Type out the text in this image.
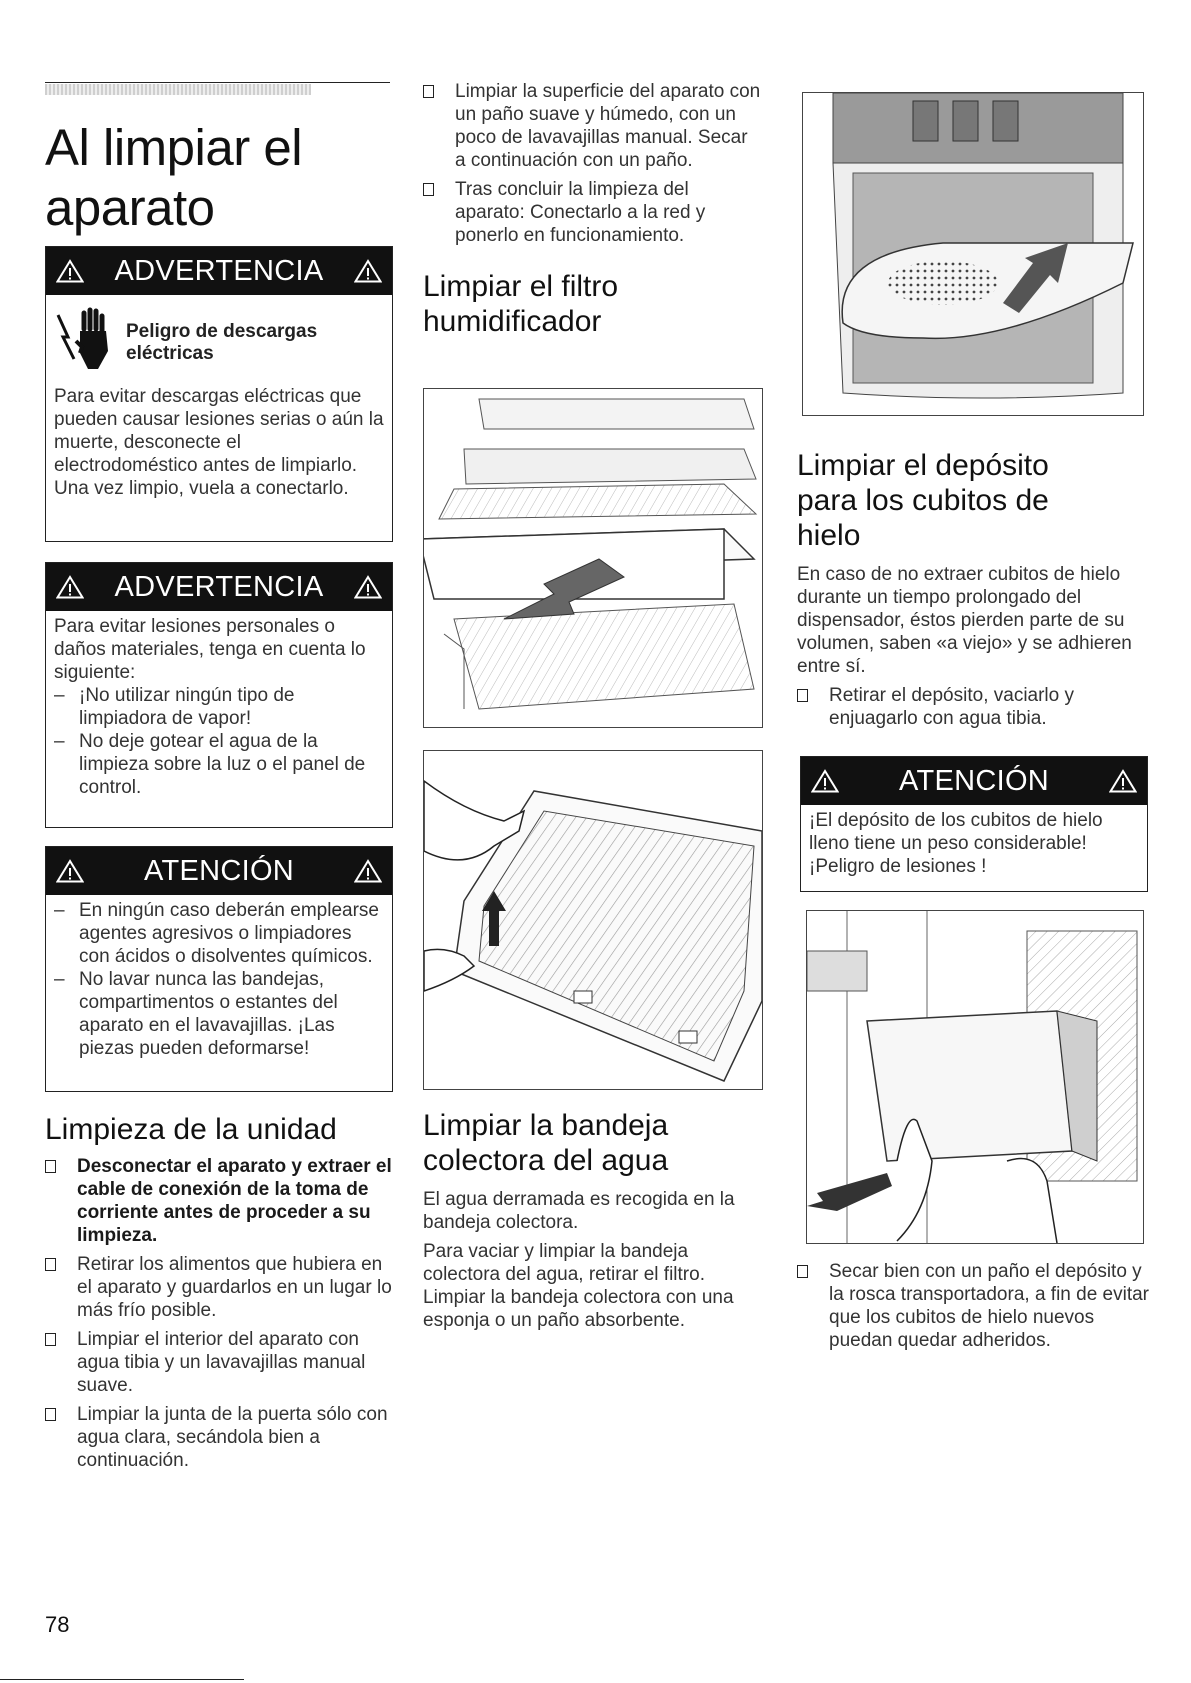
Al limpiar el aparato
ADVERTENCIA
Peligro de descargas eléctricas

Para evitar descargas eléctricas que pueden causar lesiones serias o aún la muerte, desconecte el electrodoméstico antes de limpiarlo.

Una vez limpio, vuela a conectarlo.

ADVERTENCIA

Para evitar lesiones personales o daños materiales, tenga en cuenta lo siguiente:

– ¡No utilizar ningún tipo de limpiadora de vapor!
– No deje gotear el agua de la limpieza sobre la luz o el panel de control.
ATENCIÓN
– En ningún caso deberán emplearse agentes agresivos o limpiadores con ácidos o disolventes químicos.
– No lavar nunca las bandejas, compartimentos o estantes del aparato en el lavavajillas. ¡Las piezas pueden deformarse!
Limpieza de la unidad
Desconectar el aparato y extraer el cable de conexión de la toma de corriente antes de proceder a su limpieza.
Retirar los alimentos que hubiera en el aparato y guardarlos en un lugar lo más frío posible.
Limpiar el interior del aparato con agua tibia y un lavavajillas manual suave.
Limpiar la junta de la puerta sólo con agua clara, secándola bien a continuación.
Limpiar la superficie del aparato con un paño suave y húmedo, con un poco de lavavajillas manual. Secar a continuación con un paño.
Tras concluir la limpieza del aparato: Conectarlo a la red y ponerlo en funcionamiento.
Limpiar el filtro humidificador
Limpiar la bandeja colectora del agua

El agua derramada es recogida en la bandeja colectora.

Para vaciar y limpiar la bandeja colectora del agua, retirar el filtro. Limpiar la bandeja colectora con una esponja o un paño absorbente.

Limpiar el depósito para los cubitos de hielo

En caso de no extraer cubitos de hielo durante un tiempo prolongado del dispensador, éstos pierden parte de su volumen, saben «a viejo» y se adhieren entre sí.

Retirar el depósito, vaciarlo y enjuagarlo con agua tibia.
ATENCIÓN

¡El depósito de los cubitos de hielo lleno tiene un peso considerable! ¡Peligro de lesiones !

Secar bien con un paño el depósito y la rosca transportadora, a fin de evitar que los cubitos de hielo nuevos puedan quedar adheridos.
78
